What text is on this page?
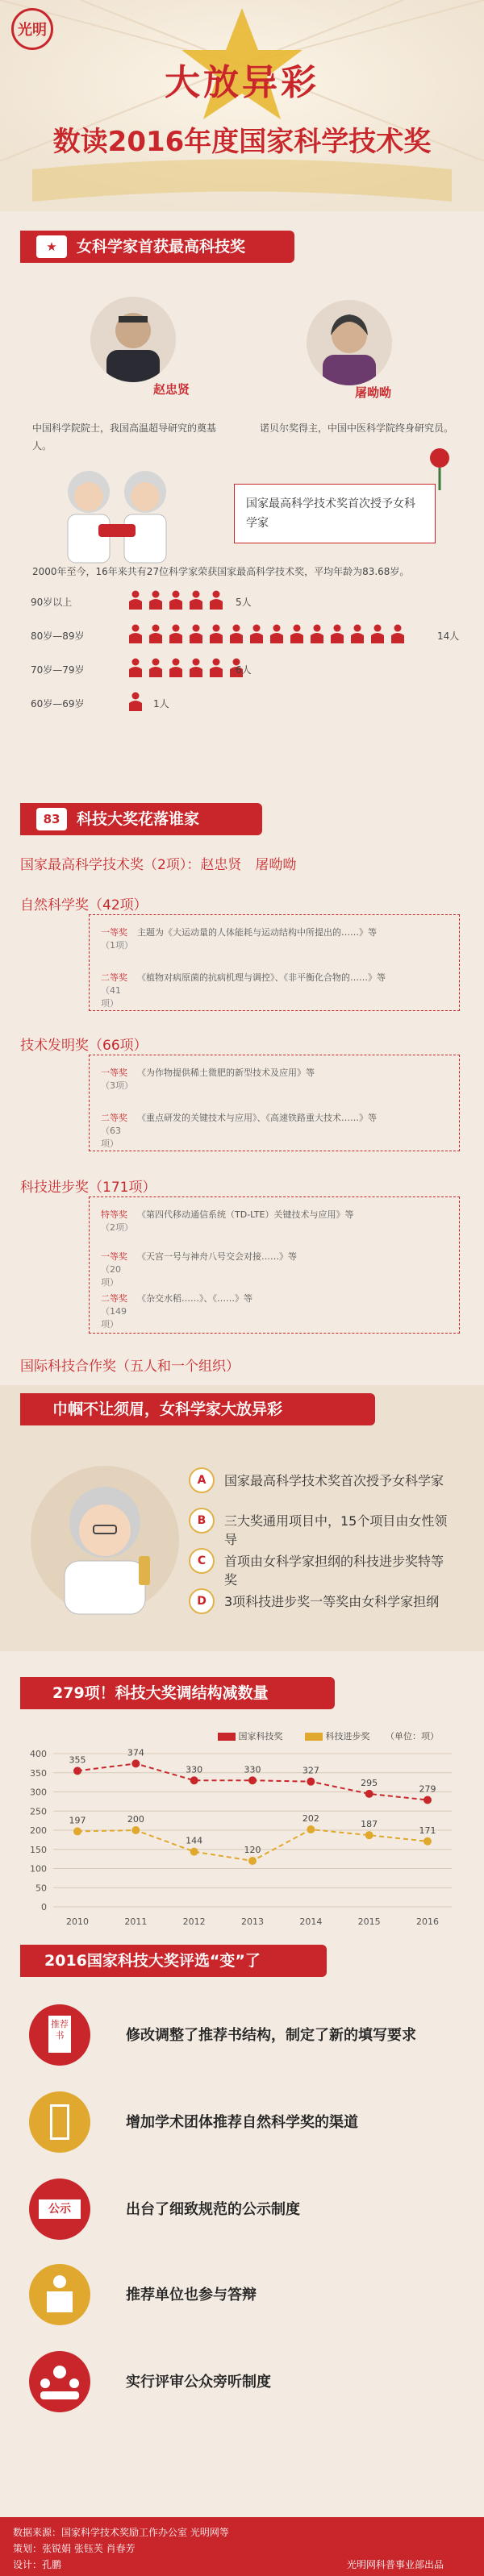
光明
大放异彩
数读2016年度国家科学技术奖
★	女科学家首获最高科技奖
赵忠贤
中国科学院院士，我国高温超导研究的奠基人。
屠呦呦
诺贝尔奖得主，中国中医科学院终身研究员。
国家最高科学技术奖首次授予女科学家
2000年至今，16年来共有27位科学家荣获国家最高科学技术奖，平均年龄为83.68岁。
90岁以上	5人
80岁—89岁	14人
70岁—79岁	6人
60岁—69岁	1人
83	科技大奖花落谁家
国家最高科学技术奖（2项）：赵忠贤　屠呦呦
自然科学奖（42项）
一等奖
（1项）
主题为《大运动量的人体能耗与运动结构中所提出的……》等
二等奖
（41项）
《植物对病原菌的抗病机理与调控》、《非平衡化合物的……》等
技术发明奖（66项）
一等奖
（3项）
《为作物提供稀土微肥的新型技术及应用》等
二等奖
（63项）
《重点研发的关键技术与应用》、《高速铁路重大技术……》等
科技进步奖（171项）
特等奖
（2项）
《第四代移动通信系统（TD-LTE）关键技术与应用》等
一等奖
（20项）
《天宫一号与神舟八号交会对接……》等
二等奖
（149项）
《杂交水稻……》、《……》等
国际科技合作奖（五人和一个组织）
巾帼不让须眉，女科学家大放异彩
A	国家最高科学技术奖首次授予女科学家
B	三大奖通用项目中，15个项目由女性领导
C	首项由女科学家担纲的科技进步奖特等奖
D	3项科技进步奖一等奖由女科学家担纲
279项！科技大奖调结构减数量
国家科技奖	科技进步奖 （单位：项）
0
50
100
150
200
250
300
350
400
2010	2011	2012	2013	2014	2015	2016
355
374
330	330	327
295
279
197	200
144
120
202
187
171
2016国家科技大奖评选“变”了
推荐书	修改调整了推荐书结构，制定了新的填写要求
增加学术团体推荐自然科学奖的渠道
公示	出台了细致规范的公示制度
推荐单位也参与答辩
实行评审公众旁听制度
数据来源：国家科学技术奖励工作办公室 光明网等
策划：张锐娟 张钰芙 肖春芳
设计：孔鹏	光明网科普事业部出品
